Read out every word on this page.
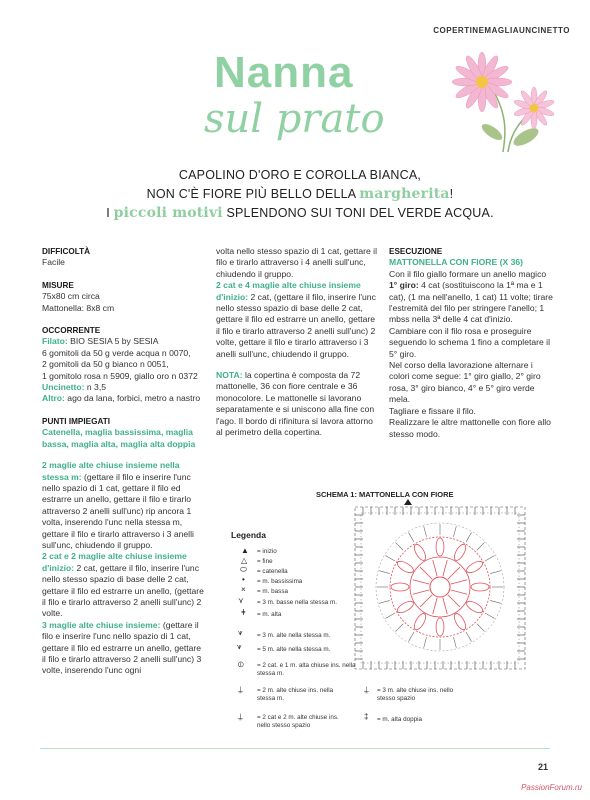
COPERTINEMAGLIAUNCINETTO
Nanna
sul prato
CAPOLINO D'ORO E COROLLA BIANCA,
NON C'È FIORE PIÙ BELLO DELLA margherita!
I piccoli motivi SPLENDONO SUI TONI DEL VERDE ACQUA.
DIFFICOLTÀ

Facile

MISURE

75x80 cm circa

Mattonella: 8x8 cm

OCCORRENTE

Filato: BIO SESIA 5 by SESIA

6 gomitoli da 50 g verde acqua n 0070,

2 gomitoli da 50 g bianco n 0051,

1 gomitolo rosa n 5909, giallo oro n 0372

Uncinetto: n 3,5

Altro: ago da lana, forbici, metro a nastro

PUNTI IMPIEGATI

Catenella, maglia bassissima, maglia bassa, maglia alta, maglia alta doppia

2 maglie alte chiuse insieme nella stessa m: (gettare il filo e inserire l'unc nello spazio di 1 cat, gettare il filo ed estrarre un anello, gettare il filo e tirarlo attraverso 2 anelli sull'unc) rip ancora 1 volta, inserendo l'unc nella stessa m, gettare il filo e tirarlo attraverso i 3 anelli sull'unc, chiudendo il gruppo.

2 cat e 2 maglie alte chiuse insieme d'inizio: 2 cat, gettare il filo, inserire l'unc nello stesso spazio di base delle 2 cat, gettare il filo ed estrarre un anello, (gettare il filo e tirarlo attraverso 2 anelli sull'unc) 2 volte.

3 maglie alte chiuse insieme: (gettare il filo e inserire l'unc nello spazio di 1 cat, gettare il filo ed estrarre un anello, gettare il filo e tirarlo attraverso 2 anelli sull'unc) 3 volte, inserendo l'unc ogni

volta nello stesso spazio di 1 cat, gettare il filo e tirarlo attraverso i 4 anelli sull'unc, chiudendo il gruppo.

2 cat e 4 maglie alte chiuse insieme d'inizio: 2 cat, (gettare il filo, inserire l'unc nello stesso spazio di base delle 2 cat, gettare il filo ed estrarre un anello, gettare il filo e tirarlo attraverso 2 anelli sull'unc) 2 volte, gettare il filo e tirarlo attraverso i 3 anelli sull'unc, chiudendo il gruppo.

NOTA: la copertina è composta da 72 mattonelle, 36 con fiore centrale e 36 monocolore. Le mattonelle si lavorano separatamente e si uniscono alla fine con l'ago. Il bordo di rifinitura si lavora attorno al perimetro della copertina.

ESECUZIONE

MATTONELLA CON FIORE (X 36)

Con il filo giallo formare un anello magico

1° giro: 4 cat (sostituiscono la 1ª ma e 1 cat), (1 ma nell'anello, 1 cat) 11 volte; tirare l'estremità del filo per stringere l'anello; 1 mbss nella 3ª delle 4 cat d'inizio.

Cambiare con il filo rosa e proseguire seguendo lo schema 1 fino a completare il 5° giro.

Nel corso della lavorazione alternare i colori come segue: 1° giro giallo, 2° giro rosa, 3° giro bianco, 4° e 5° giro verde mela.

Tagliare e fissare il filo.

Realizzare le altre mattonelle con fiore allo stesso modo.

SCHEMA 1: MATTONELLA CON FIORE
Legenda
▲ = inizio
△ = fine
⬭ = catenella
• = m. bassissima
× = m. bassa
⋎ = 3 m. basse nella stessa m.
ǂ = m. alta
⩛ = 3 m. alte nella stessa m.
⩛ = 5 m. alte nella stessa m.
⦶ = 2 cat. e 1 m. alta chiuse ins. nella stessa m.
⍊ = 2 m. alte chiuse ins. nella stessa m.
⍊ = 3 m. alte chiuse ins. nello stesso spazio
⍊ = 2 cat e 2 m. alte chiuse ins. nello stesso spazio
‡ = m. alta doppia
21
PassionForum.ru
